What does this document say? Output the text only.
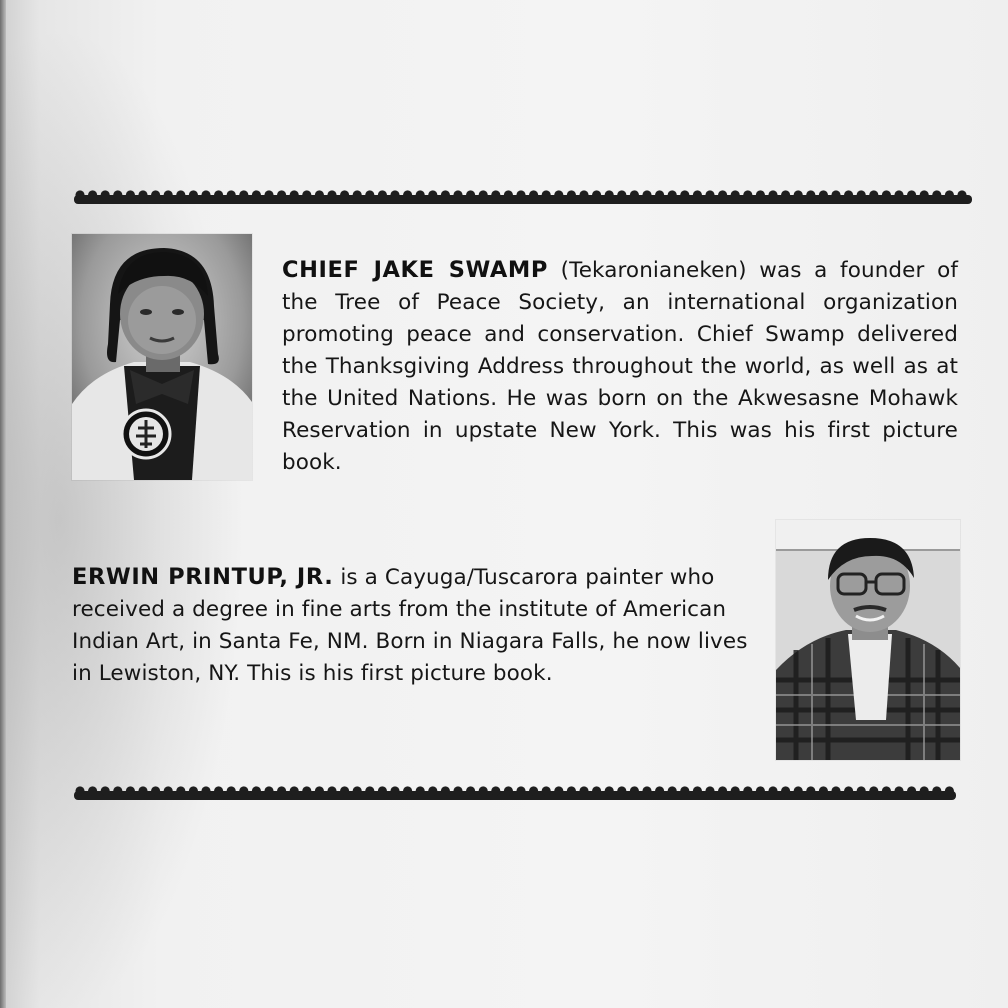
CHIEF JAKE SWAMP (Tekaronianeken) was a founder of the Tree of Peace Society, an international organization promoting peace and conservation. Chief Swamp delivered the Thanksgiving Address throughout the world, as well as at the United Nations. He was born on the Akwesasne Mohawk Reservation in upstate New York. This was his first picture book.

ERWIN PRINTUP, JR. is a Cayuga/Tuscarora painter who received a degree in fine arts from the institute of American Indian Art, in Santa Fe, NM. Born in Niagara Falls, he now lives in Lewiston, NY. This is his first picture book.
